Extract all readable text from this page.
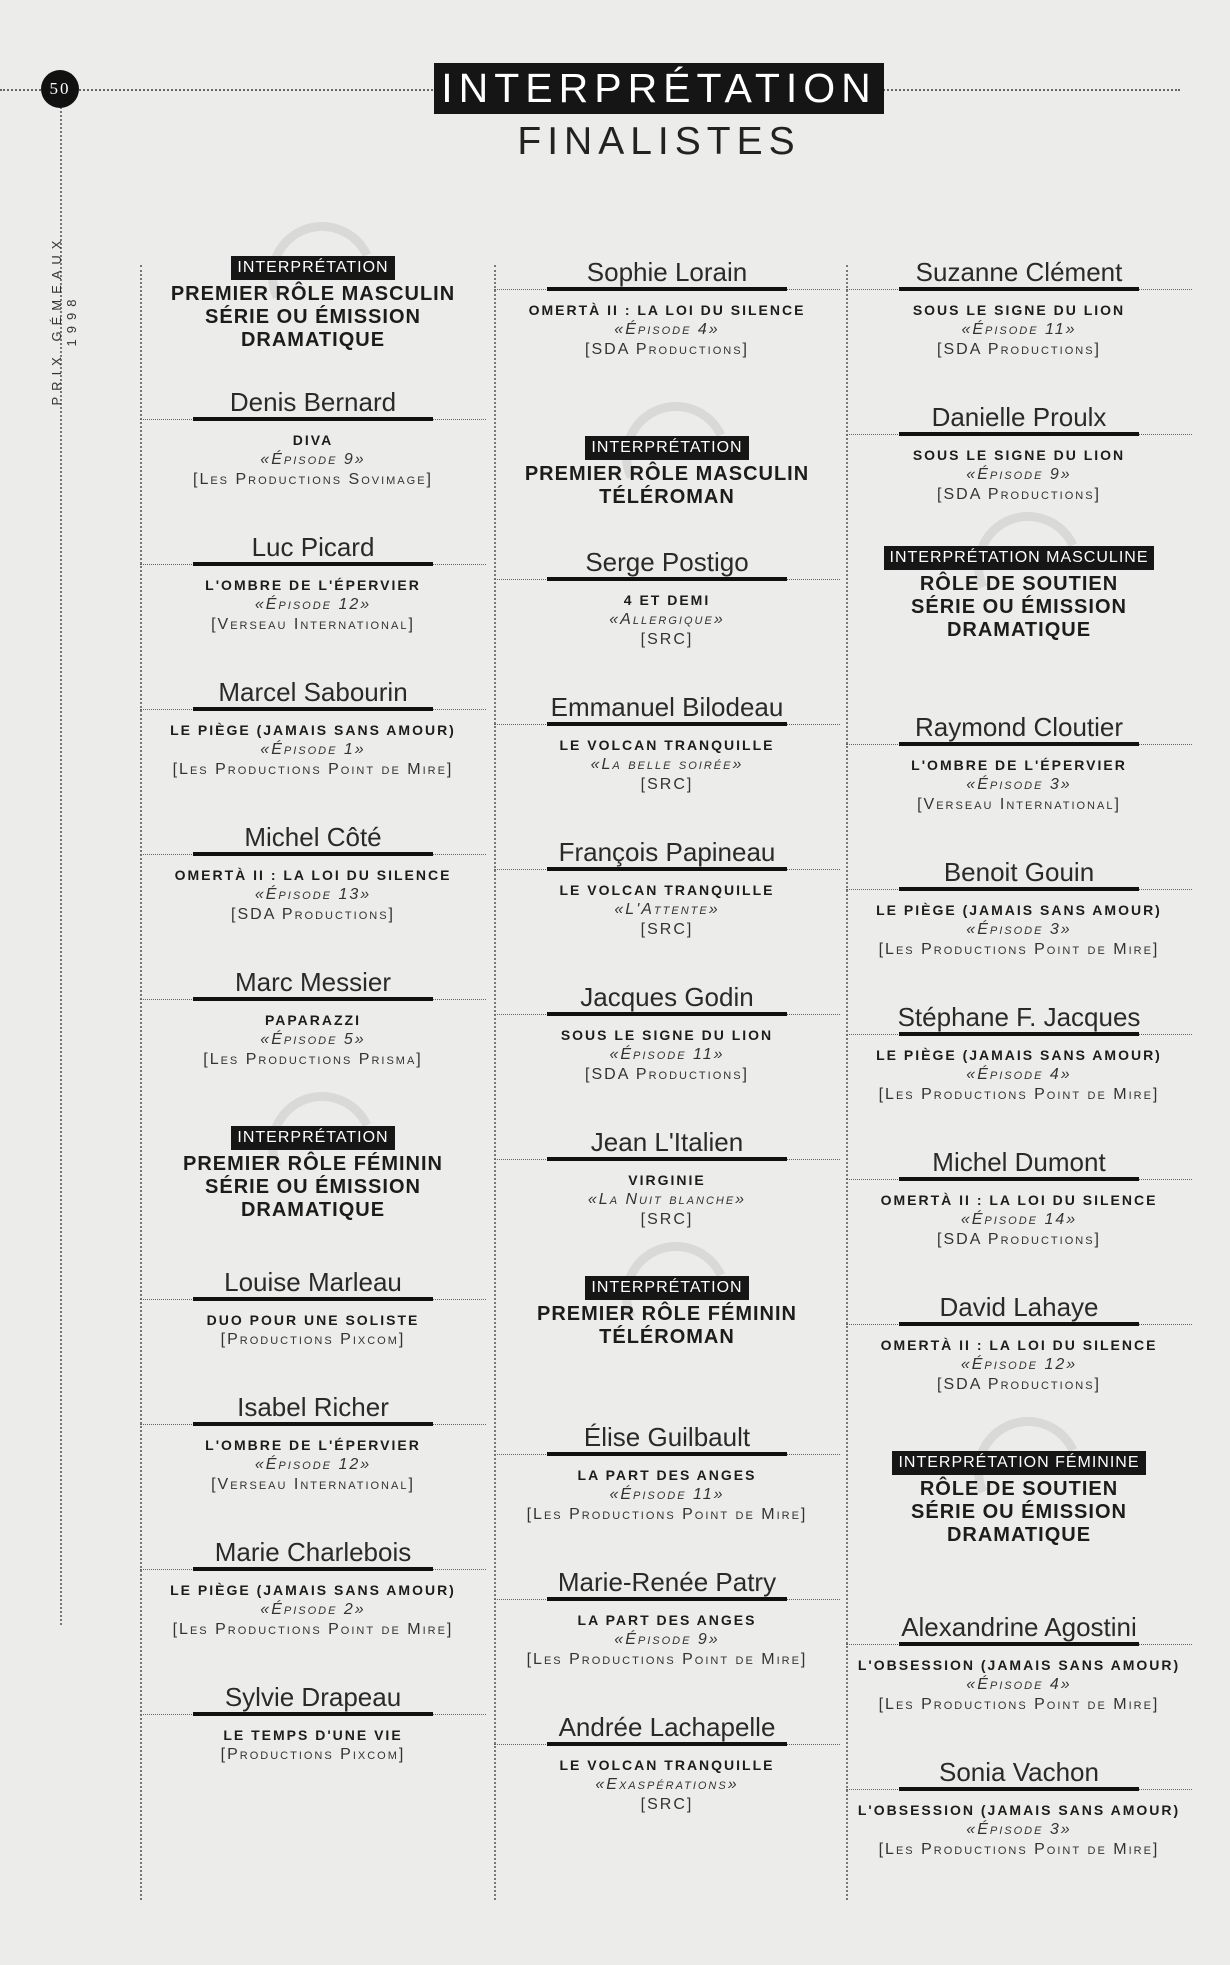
50
PRIX GÉMEAUX 1998
INTERPRÉTATION
FINALISTES
INTERPRÉTATION
PREMIER RÔLE MASCULIN
SÉRIE OU ÉMISSION
DRAMATIQUE
Denis Bernard
DIVA
«Épisode 9»
[Les Productions Sovimage]
Luc Picard
L'OMBRE DE L'ÉPERVIER
«Épisode 12»
[Verseau International]
Marcel Sabourin
LE PIÈGE (JAMAIS SANS AMOUR)
«Épisode 1»
[Les Productions Point de Mire]
Michel Côté
OMERTÀ II : LA LOI DU SILENCE
«Épisode 13»
[SDA Productions]
Marc Messier
PAPARAZZI
«Épisode 5»
[Les Productions Prisma]
INTERPRÉTATION
PREMIER RÔLE FÉMININ
SÉRIE OU ÉMISSION
DRAMATIQUE
Louise Marleau
DUO POUR UNE SOLISTE
[Productions Pixcom]
Isabel Richer
L'OMBRE DE L'ÉPERVIER
«Épisode 12»
[Verseau International]
Marie Charlebois
LE PIÈGE (JAMAIS SANS AMOUR)
«Épisode 2»
[Les Productions Point de Mire]
Sylvie Drapeau
LE TEMPS D'UNE VIE
[Productions Pixcom]
Sophie Lorain
OMERTÀ II : LA LOI DU SILENCE
«Épisode 4»
[SDA Productions]
INTERPRÉTATION
PREMIER RÔLE MASCULIN
TÉLÉROMAN
Serge Postigo
4 ET DEMI
«Allergique»
[SRC]
Emmanuel Bilodeau
LE VOLCAN TRANQUILLE
«La belle soirée»
[SRC]
François Papineau
LE VOLCAN TRANQUILLE
«L'Attente»
[SRC]
Jacques Godin
SOUS LE SIGNE DU LION
«Épisode 11»
[SDA Productions]
Jean L'Italien
VIRGINIE
«La Nuit blanche»
[SRC]
INTERPRÉTATION
PREMIER RÔLE FÉMININ
TÉLÉROMAN
Élise Guilbault
LA PART DES ANGES
«Épisode 11»
[Les Productions Point de Mire]
Marie-Renée Patry
LA PART DES ANGES
«Épisode 9»
[Les Productions Point de Mire]
Andrée Lachapelle
LE VOLCAN TRANQUILLE
«Exaspérations»
[SRC]
Suzanne Clément
SOUS LE SIGNE DU LION
«Épisode 11»
[SDA Productions]
Danielle Proulx
SOUS LE SIGNE DU LION
«Épisode 9»
[SDA Productions]
INTERPRÉTATION MASCULINE
RÔLE DE SOUTIEN
SÉRIE OU ÉMISSION
DRAMATIQUE
Raymond Cloutier
L'OMBRE DE L'ÉPERVIER
«Épisode 3»
[Verseau International]
Benoit Gouin
LE PIÈGE (JAMAIS SANS AMOUR)
«Épisode 3»
[Les Productions Point de Mire]
Stéphane F. Jacques
LE PIÈGE (JAMAIS SANS AMOUR)
«Épisode 4»
[Les Productions Point de Mire]
Michel Dumont
OMERTÀ II : LA LOI DU SILENCE
«Épisode 14»
[SDA Productions]
David Lahaye
OMERTÀ II : LA LOI DU SILENCE
«Épisode 12»
[SDA Productions]
INTERPRÉTATION FÉMININE
RÔLE DE SOUTIEN
SÉRIE OU ÉMISSION
DRAMATIQUE
Alexandrine Agostini
L'OBSESSION (JAMAIS SANS AMOUR)
«Épisode 4»
[Les Productions Point de Mire]
Sonia Vachon
L'OBSESSION (JAMAIS SANS AMOUR)
«Épisode 3»
[Les Productions Point de Mire]
